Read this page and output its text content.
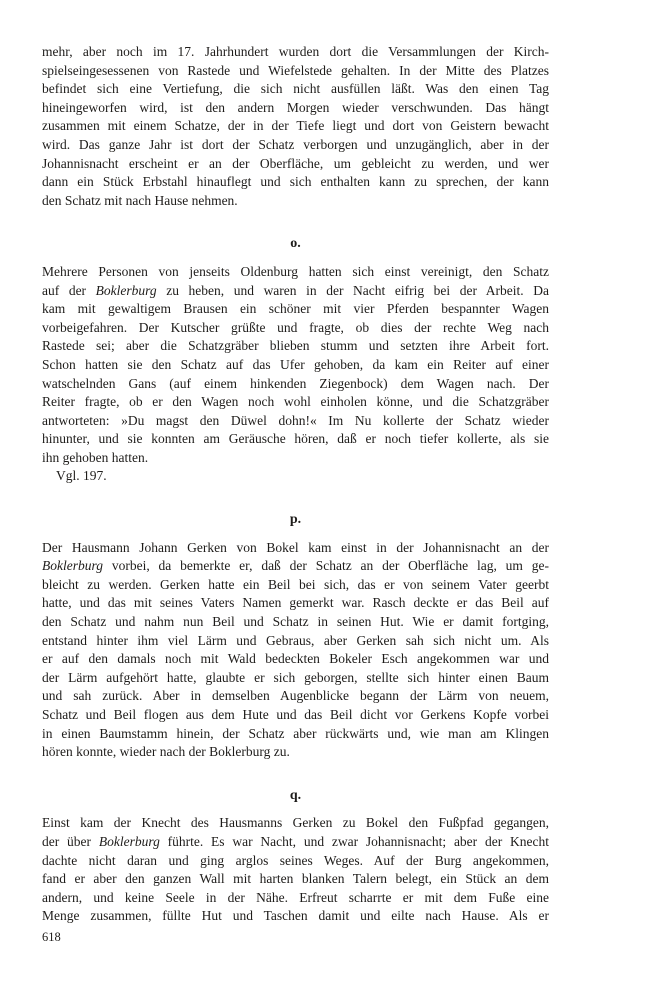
mehr, aber noch im 17. Jahrhundert wurden dort die Versammlungen der Kirch-
spielseingesessenen von Rastede und Wiefelstede gehalten. In der Mitte des Platzes
befindet sich eine Vertiefung, die sich nicht ausfüllen läßt. Was den einen Tag
hineingeworfen wird, ist den andern Morgen wieder verschwunden. Das hängt
zusammen mit einem Schatze, der in der Tiefe liegt und dort von Geistern bewacht
wird. Das ganze Jahr ist dort der Schatz verborgen und unzugänglich, aber in der
Johannisnacht erscheint er an der Oberfläche, um gebleicht zu werden, und wer
dann ein Stück Erbstahl hinauflegt und sich enthalten kann zu sprechen, der kann
den Schatz mit nach Hause nehmen.
o.
Mehrere Personen von jenseits Oldenburg hatten sich einst vereinigt, den Schatz
auf der Boklerburg zu heben, und waren in der Nacht eifrig bei der Arbeit. Da
kam mit gewaltigem Brausen ein schöner mit vier Pferden bespannter Wagen
vorbeigefahren. Der Kutscher grüßte und fragte, ob dies der rechte Weg nach
Rastede sei; aber die Schatzgräber blieben stumm und setzten ihre Arbeit fort.
Schon hatten sie den Schatz auf das Ufer gehoben, da kam ein Reiter auf einer
watschelnden Gans (auf einem hinkenden Ziegenbock) dem Wagen nach. Der
Reiter fragte, ob er den Wagen noch wohl einholen könne, und die Schatzgräber
antworteten: »Du magst den Düwel dohn!« Im Nu kollerte der Schatz wieder
hinunter, und sie konnten am Geräusche hören, daß er noch tiefer kollerte, als sie
ihn gehoben hatten.
Vgl. 197.
p.
Der Hausmann Johann Gerken von Bokel kam einst in der Johannisnacht an der
Boklerburg vorbei, da bemerkte er, daß der Schatz an der Oberfläche lag, um ge-
bleicht zu werden. Gerken hatte ein Beil bei sich, das er von seinem Vater geerbt
hatte, und das mit seines Vaters Namen gemerkt war. Rasch deckte er das Beil auf
den Schatz und nahm nun Beil und Schatz in seinen Hut. Wie er damit fortging,
entstand hinter ihm viel Lärm und Gebraus, aber Gerken sah sich nicht um. Als
er auf den damals noch mit Wald bedeckten Bokeler Esch angekommen war und
der Lärm aufgehört hatte, glaubte er sich geborgen, stellte sich hinter einen Baum
und sah zurück. Aber in demselben Augenblicke begann der Lärm von neuem,
Schatz und Beil flogen aus dem Hute und das Beil dicht vor Gerkens Kopfe vorbei
in einen Baumstamm hinein, der Schatz aber rückwärts und, wie man am Klingen
hören konnte, wieder nach der Boklerburg zu.
q.
Einst kam der Knecht des Hausmanns Gerken zu Bokel den Fußpfad gegangen,
der über Boklerburg führte. Es war Nacht, und zwar Johannisnacht; aber der Knecht
dachte nicht daran und ging arglos seines Weges. Auf der Burg angekommen,
fand er aber den ganzen Wall mit harten blanken Talern belegt, ein Stück an dem
andern, und keine Seele in der Nähe. Erfreut scharrte er mit dem Fuße eine
Menge zusammen, füllte Hut und Taschen damit und eilte nach Hause. Als er
618
